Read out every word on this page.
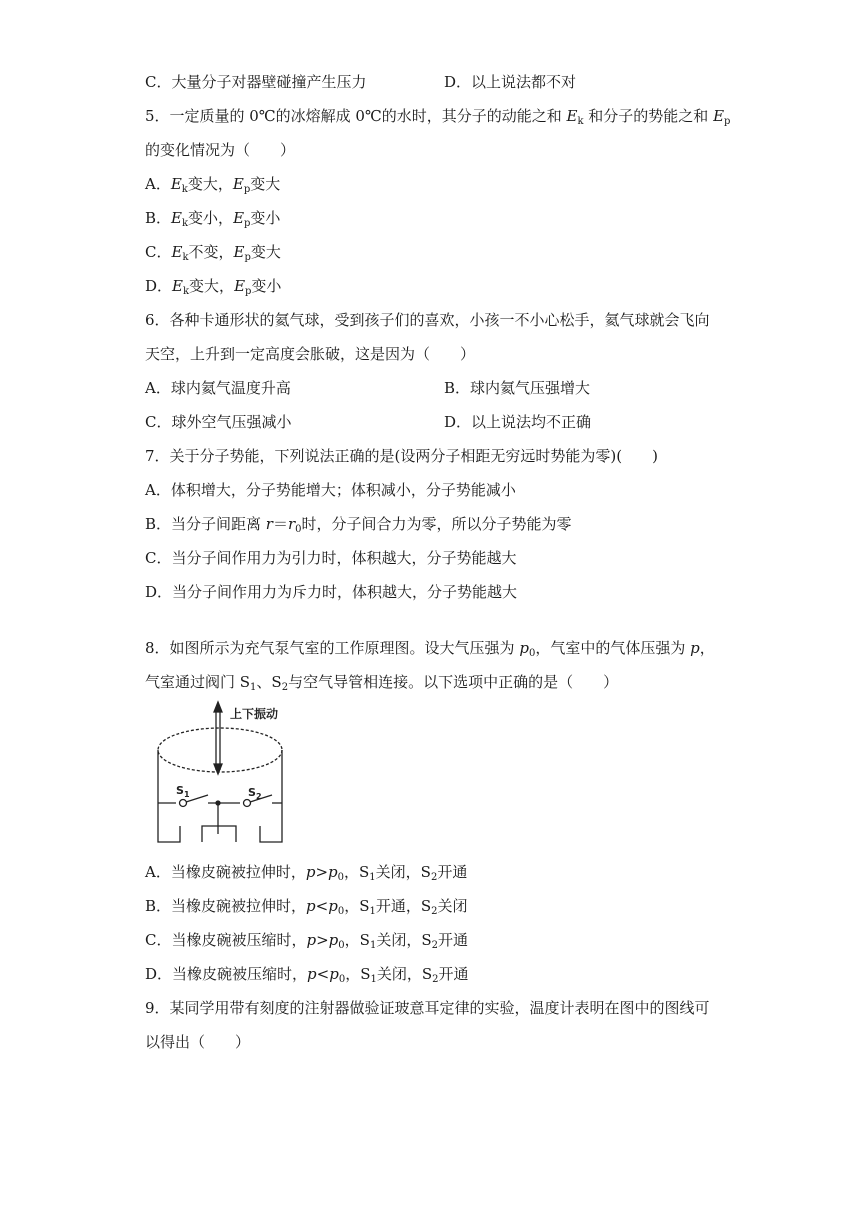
C．大量分子对器壁碰撞产生压力	D．以上说法都不对
5．一定质量的 0℃的冰熔解成 0℃的水时，其分子的动能之和 $E_k$ 和分子的势能之和 $E_p$
的变化情况为（　　）
A．$E_k$变大，$E_p$变大
B．$E_k$变小，$E_p$变小
C．$E_k$不变，$E_p$变大
D．$E_k$变大，$E_p$变小
6．各种卡通形状的氦气球，受到孩子们的喜欢，小孩一不小心松手，氦气球就会飞向
天空，上升到一定高度会胀破，这是因为（　　）
A．球内氦气温度升高	B．球内氦气压强增大
C．球外空气压强减小	D．以上说法均不正确
7．关于分子势能，下列说法正确的是(设两分子相距无穷远时势能为零)(　　)
A．体积增大，分子势能增大；体积减小，分子势能减小
B．当分子间距离 $r=r_0$时，分子间合力为零，所以分子势能为零
C．当分子间作用力为引力时，体积越大，分子势能越大
D．当分子间作用力为斥力时，体积越大，分子势能越大
8．如图所示为充气泵气室的工作原理图。设大气压强为 $p_0$，气室中的气体压强为 p，
气室通过阀门 $S_1$、$S_2$与空气导管相连接。以下选项中正确的是（　　）
上下振动
$S_1$	$S_2$
A．当橡皮碗被拉伸时，$p>p_0$，$S_1$关闭，$S_2$开通
B．当橡皮碗被拉伸时，$p<p_0$，$S_1$开通，$S_2$关闭
C．当橡皮碗被压缩时，$p>p_0$，$S_1$关闭，$S_2$开通
D．当橡皮碗被压缩时，$p<p_0$，$S_1$关闭，$S_2$开通
9．某同学用带有刻度的注射器做验证玻意耳定律的实验，温度计表明在图中的图线可
以得出（　　）
